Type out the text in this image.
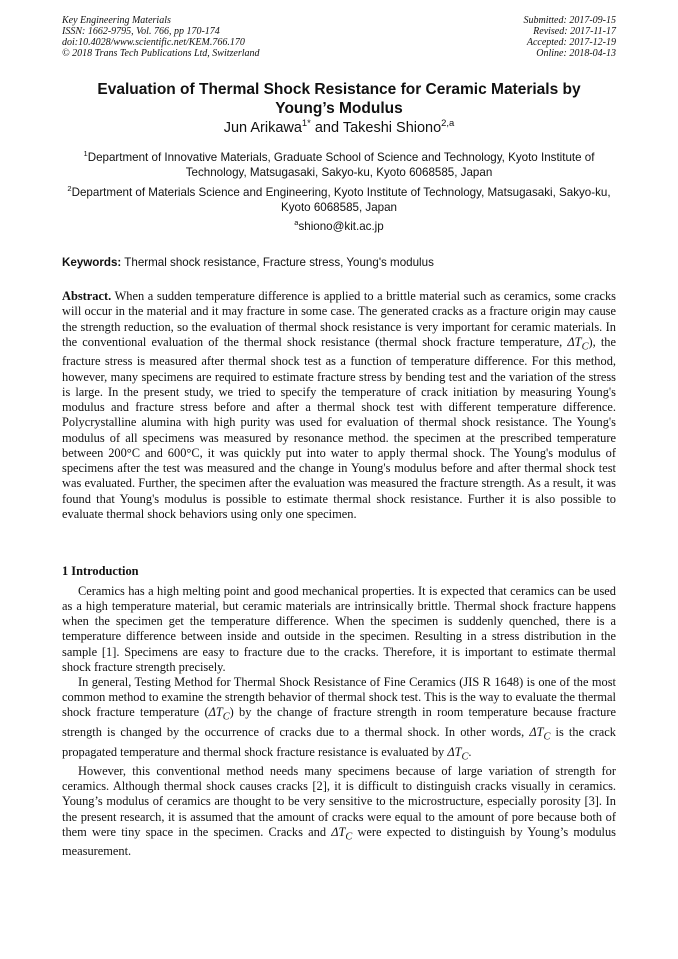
Key Engineering Materials
ISSN: 1662-9795, Vol. 766, pp 170-174
doi:10.4028/www.scientific.net/KEM.766.170
© 2018 Trans Tech Publications Ltd, Switzerland
Submitted: 2017-09-15
Revised: 2017-11-17
Accepted: 2017-12-19
Online: 2018-04-13
Evaluation of Thermal Shock Resistance for Ceramic Materials by
Young’s Modulus
Jun Arikawa$^{1*}$ and Takeshi Shiono$^{2,a}$
$^1$Department of Innovative Materials, Graduate School of Science and Technology, Kyoto Institute of Technology, Matsugasaki, Sakyo-ku, Kyoto 6068585, Japan
$^2$Department of Materials Science and Engineering, Kyoto Institute of Technology, Matsugasaki, Sakyo-ku, Kyoto 6068585, Japan
$^a$shiono@kit.ac.jp
Keywords: Thermal shock resistance, Fracture stress, Young's modulus

Abstract. When a sudden temperature difference is applied to a brittle material such as ceramics, some cracks will occur in the material and it may fracture in some case. The generated cracks as a fracture origin may cause the strength reduction, so the evaluation of thermal shock resistance is very important for ceramic materials. In the conventional evaluation of the thermal shock resistance (thermal shock fracture temperature, $\Delta T_C$), the fracture stress is measured after thermal shock test as a function of temperature difference. For this method, however, many specimens are required to estimate fracture stress by bending test and the variation of the stress is large. In the present study, we tried to specify the temperature of crack initiation by measuring Young's modulus and fracture stress before and after a thermal shock test with different temperature difference. Polycrystalline alumina with high purity was used for evaluation of thermal shock resistance. The Young's modulus of all specimens was measured by resonance method. the specimen at the prescribed temperature between 200°C and 600°C, it was quickly put into water to apply thermal shock. The Young's modulus of specimens after the test was measured and the change in Young's modulus before and after thermal shock test was evaluated. Further, the specimen after the evaluation was measured the fracture strength. As a result, it was found that Young's modulus is possible to estimate thermal shock resistance. Further it is also possible to evaluate thermal shock behaviors using only one specimen.

1 Introduction

Ceramics has a high melting point and good mechanical properties. It is expected that ceramics can be used as a high temperature material, but ceramic materials are intrinsically brittle. Thermal shock fracture happens when the specimen get the temperature difference. When the specimen is suddenly quenched, there is a temperature difference between inside and outside in the specimen. Resulting in a stress distribution in the sample [1]. Specimens are easy to fracture due to the cracks. Therefore, it is important to estimate thermal shock fracture strength precisely.

In general, Testing Method for Thermal Shock Resistance of Fine Ceramics (JIS R 1648) is one of the most common method to examine the strength behavior of thermal shock test. This is the way to evaluate the thermal shock fracture temperature $(\Delta T_C)$ by the change of fracture strength in room temperature because fracture strength is changed by the occurrence of cracks due to a thermal shock. In other words, $\Delta T_C$ is the crack propagated temperature and thermal shock fracture resistance is evaluated by $\Delta T_C$.

However, this conventional method needs many specimens because of large variation of strength for ceramics. Although thermal shock causes cracks [2], it is difficult to distinguish cracks visually in ceramics. Young’s modulus of ceramics are thought to be very sensitive to the microstructure, especially porosity [3]. In the present research, it is assumed that the amount of cracks were equal to the amount of pore because both of them were tiny space in the specimen. Cracks and $\Delta T_C$ were expected to distinguish by Young’s modulus measurement.
